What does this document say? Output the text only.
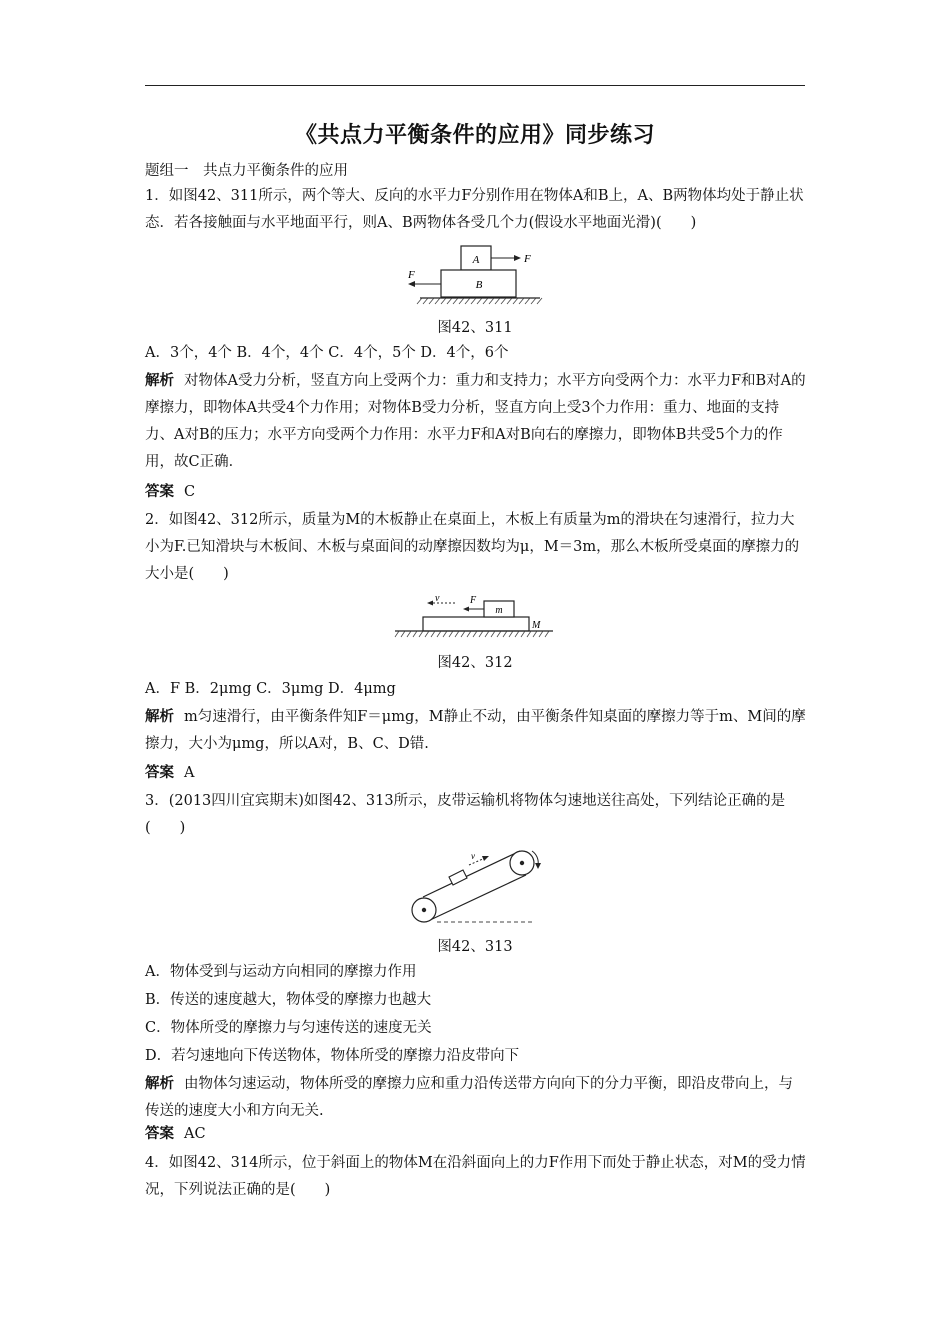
《共点力平衡条件的应用》同步练习
题组一　共点力平衡条件的应用
1．如图42、311所示，两个等大、反向的水平力F分别作用在物体A和B上，A、B两物体均处于静止状态．若各接触面与水平地面平行，则A、B两物体各受几个力(假设水平地面光滑)(　　)
A
B
F
F
图42、311
A．3个，4个 B．4个，4个 C．4个，5个 D．4个，6个
解析 对物体A受力分析，竖直方向上受两个力：重力和支持力；水平方向受两个力：水平力F和B对A的摩擦力，即物体A共受4个力作用；对物体B受力分析，竖直方向上受3个力作用：重力、地面的支持力、A对B的压力；水平方向受两个力作用：水平力F和A对B向右的摩擦力，即物体B共受5个力的作用，故C正确．
答案 C
2．如图42、312所示，质量为M的木板静止在桌面上，木板上有质量为m的滑块在匀速滑行，拉力大小为F.已知滑块与木板间、木板与桌面间的动摩擦因数均为μ，M＝3m，那么木板所受桌面的摩擦力的大小是(　　)
v	F
m
M
图42、312
A．F B．2μmg C．3μmg D．4μmg
解析 m匀速滑行，由平衡条件知F＝μmg，M静止不动，由平衡条件知桌面的摩擦力等于m、M间的摩擦力，大小为μmg，所以A对，B、C、D错.
答案 A
3．(2013四川宜宾期末)如图42、313所示，皮带运输机将物体匀速地送往高处，下列结论正确的是(　　)
v
图42、313
A．物体受到与运动方向相同的摩擦力作用
B．传送的速度越大，物体受的摩擦力也越大
C．物体所受的摩擦力与匀速传送的速度无关
D．若匀速地向下传送物体，物体所受的摩擦力沿皮带向下
解析 由物体匀速运动，物体所受的摩擦力应和重力沿传送带方向向下的分力平衡，即沿皮带向上，与传送的速度大小和方向无关.
答案 AC
4．如图42、314所示，位于斜面上的物体M在沿斜面向上的力F作用下而处于静止状态，对M的受力情况，下列说法正确的是(　　)
